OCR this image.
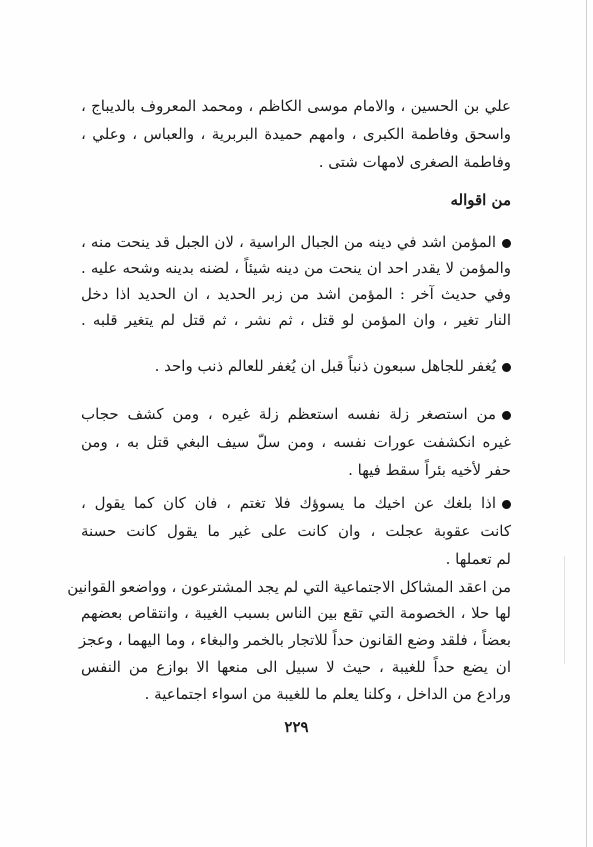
علي بن الحسين ، والامام موسى الكاظم ، ومحمد المعروف بالديباج ،
واسحق وفاطمة الكبرى ، وامهم حميدة البربرية ، والعباس ، وعلي ،
وفاطمة الصغرى لامهات شتى .
من اقواله
المؤمن اشد في دينه من الجبال الراسية ، لان الجبل قد ينحت منه ،
والمؤمن لا يقدر احد ان ينحت من دينه شيئاً ، لضنه بدينه وشحه عليه .
وفي حديث آخر : المؤمن اشد من زبر الحديد ، ان الحديد اذا دخل
النار تغير ، وان المؤمن لو قتل ، ثم نشر ، ثم قتل لم يتغير قلبه .
يُغفر للجاهل سبعون ذنباً قبل ان يُغفر للعالم ذنب واحد .
من استصغر زلة نفسه استعظم زلة غيره ، ومن كشف حجاب
غيره انكشفت عورات نفسه ، ومن سلّ سيف البغي قتل به ، ومن
حفر لأخيه بئراً سقط فيها .
اذا بلغك عن اخيك ما يسوؤك فلا تغتم ، فان كان كما يقول ،
كانت عقوبة عجلت ، وان كانت على غير ما يقول كانت حسنة
لم تعملها .
من اعقد المشاكل الاجتماعية التي لم يجد المشترعون ، وواضعو القوانين
لها حلا ، الخصومة التي تقع بين الناس بسبب الغيبة ، وانتقاص بعضهم
بعضاً ، فلقد وضع القانون حداً للاتجار بالخمر والبغاء ، وما اليهما ، وعجز
ان يضع حداً للغيبة ، حيث لا سبيل الى منعها الا بوازع من النفس
ورادع من الداخل ، وكلنا يعلم ما للغيبة من اسواء اجتماعية .
٢٢٩
